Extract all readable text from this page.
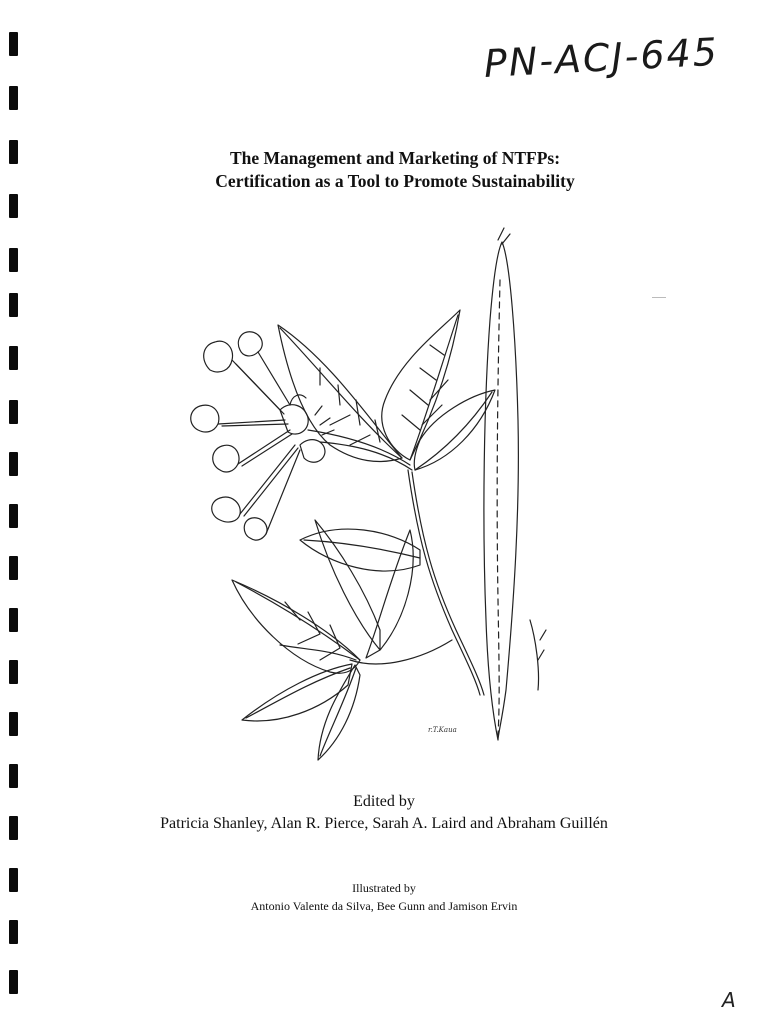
PN-ACJ-645
The Management and Marketing of NTFPs:
Certification as a Tool to Promote Sustainability
r.T.Kaua
Edited by
Patricia Shanley, Alan R. Pierce, Sarah A. Laird and Abraham Guillén
Illustrated by
Antonio Valente da Silva, Bee Gunn and Jamison Ervin
A
